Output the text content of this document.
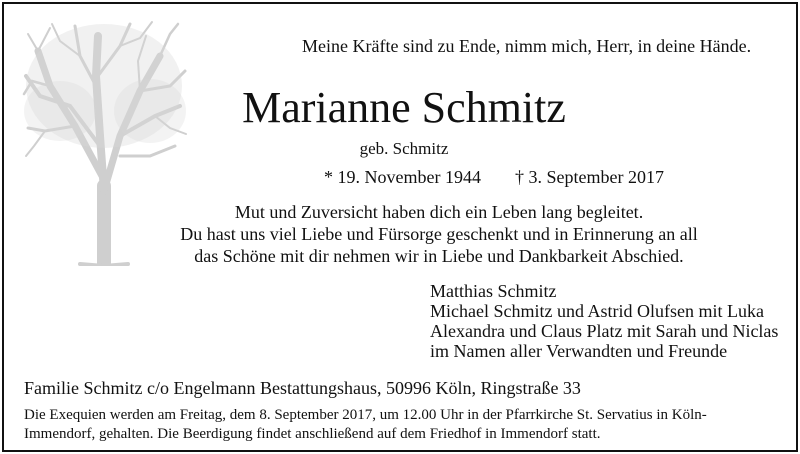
Meine Kräfte sind zu Ende, nimm mich, Herr, in deine Hände.
Marianne Schmitz
geb. Schmitz
* 19. November 1944 † 3. September 2017
Mut und Zuversicht haben dich ein Leben lang begleitet.
Du hast uns viel Liebe und Fürsorge geschenkt und in Erinnerung an all
das Schöne mit dir nehmen wir in Liebe und Dankbarkeit Abschied.
Matthias Schmitz
Michael Schmitz und Astrid Olufsen mit Luka
Alexandra und Claus Platz mit Sarah und Niclas
im Namen aller Verwandten und Freunde
Familie Schmitz c/o Engelmann Bestattungshaus, 50996 Köln, Ringstraße 33
Die Exequien werden am Freitag, dem 8. September 2017, um 12.00 Uhr in der Pfarrkirche St. Servatius in Köln-Immendorf, gehalten. Die Beerdigung findet anschließend auf dem Friedhof in Immendorf statt.
